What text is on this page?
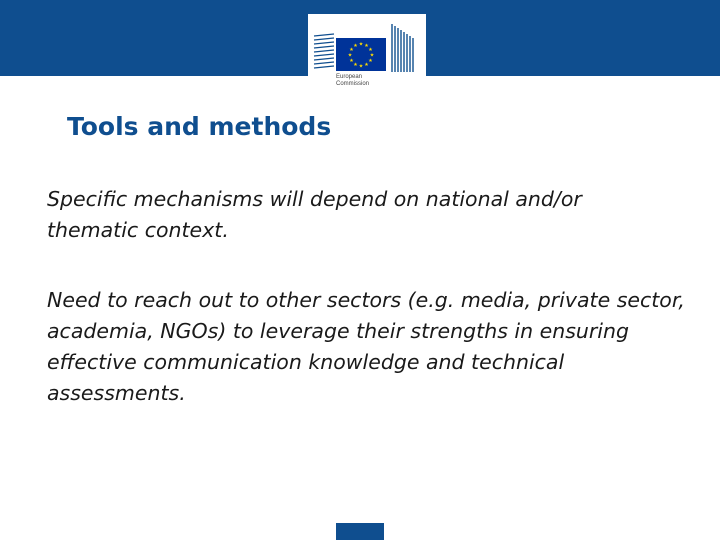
★ ★
★
★
★
★
★
★
★
★
★
★
European
Commission
Tools and methods

Specific mechanisms will depend on national and/or thematic context.

Need to reach out to other sectors (e.g. media, private sector, academia, NGOs) to leverage their strengths in ensuring effective communication knowledge and technical assessments.
